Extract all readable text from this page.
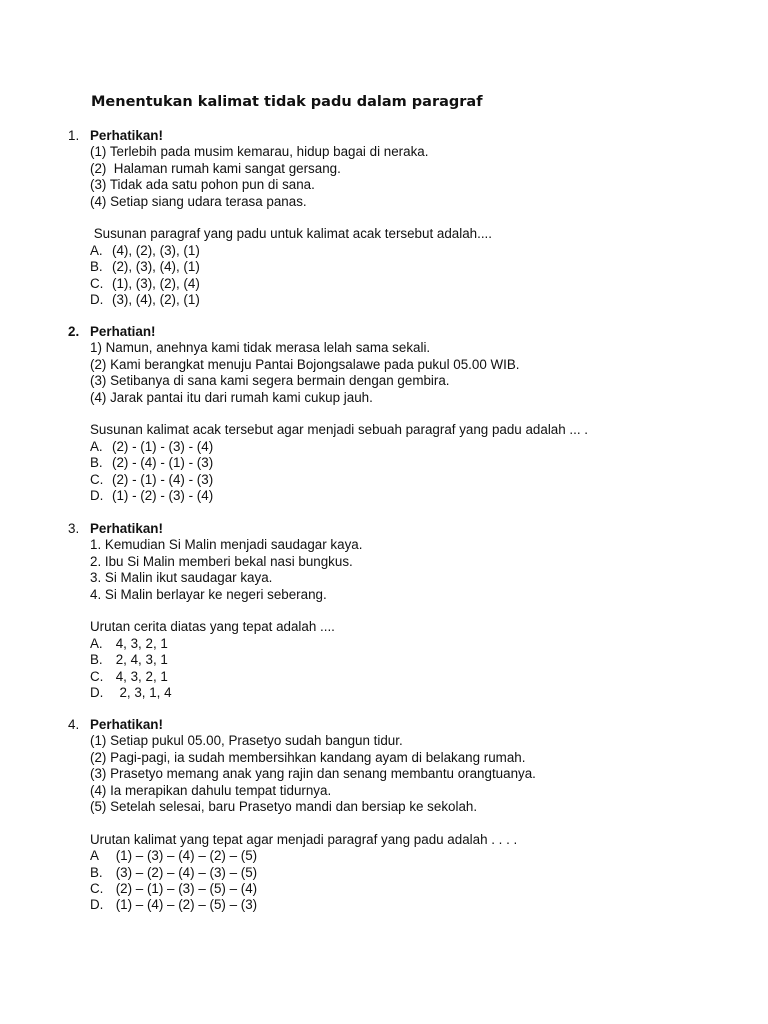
Menentukan kalimat tidak padu dalam paragraf
1. Perhatikan!
(1) Terlebih pada musim kemarau, hidup bagai di neraka.
(2)  Halaman rumah kami sangat gersang.
(3) Tidak ada satu pohon pun di sana.
(4) Setiap siang udara terasa panas.
Susunan paragraf yang padu untuk kalimat acak tersebut adalah....

A.

(4), (2), (3), (1)

B.

(2), (3), (4), (1)

C.

(1), (3), (2), (4)

D.

(3), (4), (2), (1)

2. Perhatian!
1) Namun, anehnya kami tidak merasa lelah sama sekali.
(2) Kami berangkat menuju Pantai Bojongsalawe pada pukul 05.00 WIB.
(3) Setibanya di sana kami segera bermain dengan gembira.
(4) Jarak pantai itu dari rumah kami cukup jauh.
Susunan kalimat acak tersebut agar menjadi sebuah paragraf yang padu adalah ... .

A.

(2) - (1) - (3) - (4)

B.

(2) - (4) - (1) - (3)

C.

(2) - (1) - (4) - (3)

D.

(1) - (2) - (3) - (4)

3. Perhatikan!
1. Kemudian Si Malin menjadi saudagar kaya.
2. Ibu Si Malin memberi bekal nasi bungkus.
3. Si Malin ikut saudagar kaya.
4. Si Malin berlayar ke negeri seberang.
Urutan cerita diatas yang tepat adalah ....

A.

4, 3, 2, 1

B.

2, 4, 3, 1

C.

4, 3, 2, 1

D.

2, 3, 1, 4

4. Perhatikan!
(1) Setiap pukul 05.00, Prasetyo sudah bangun tidur.
(2) Pagi-pagi, ia sudah membersihkan kandang ayam di belakang rumah.
(3) Prasetyo memang anak yang rajin dan senang membantu orangtuanya.
(4) Ia merapikan dahulu tempat tidurnya.
(5) Setelah selesai, baru Prasetyo mandi dan bersiap ke sekolah.
Urutan kalimat yang tepat agar menjadi paragraf yang padu adalah . . . .

A

(1) – (3) – (4) – (2) – (5)

B.

(3) – (2) – (4) – (3) – (5)

C.

(2) – (1) – (3) – (5) – (4)

D.

(1) – (4) – (2) – (5) – (3)
